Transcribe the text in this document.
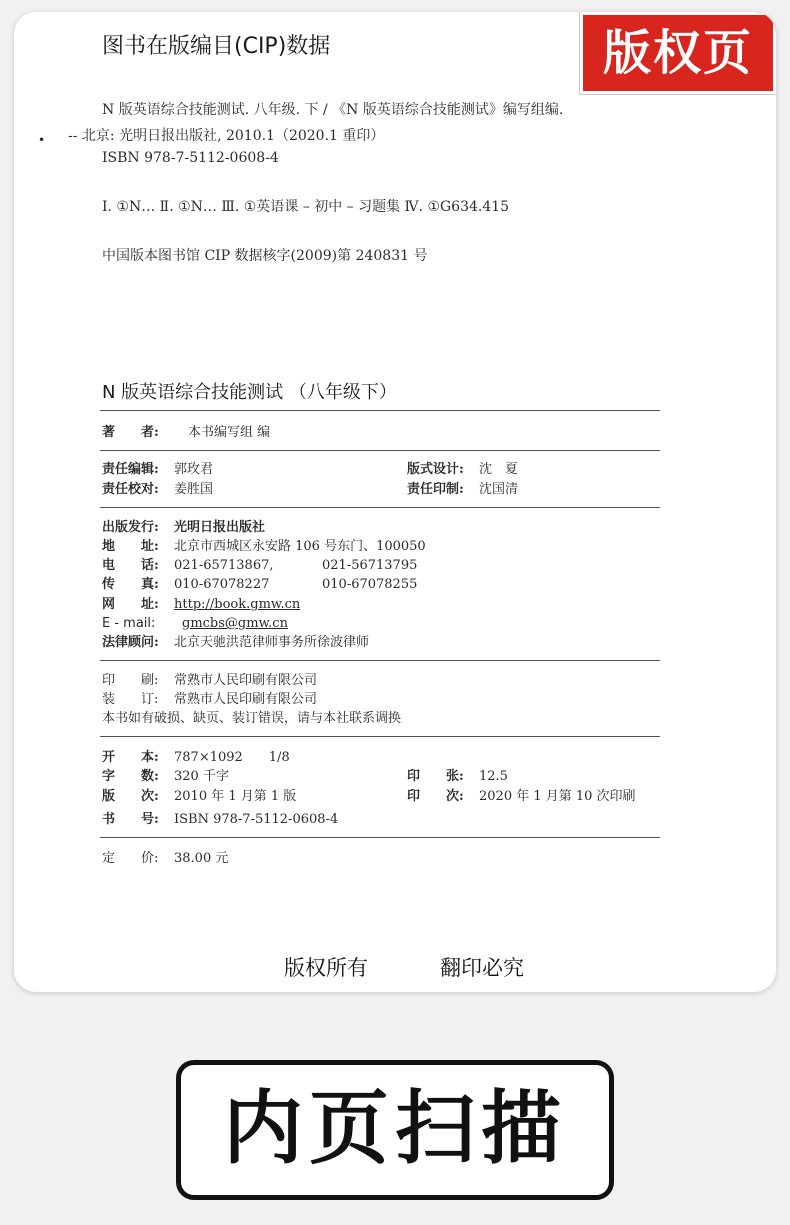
版权页
图书在版编目(CIP)数据
•
N 版英语综合技能测试. 八年级. 下 / 《N 版英语综合技能测试》编写组编.
-- 北京: 光明日报出版社, 2010.1（2020.1 重印）
ISBN 978-7-5112-0608-4
Ⅰ. ①N… Ⅱ. ①N… Ⅲ. ①英语课 – 初中 – 习题集 Ⅳ. ①G634.415
中国版本图书馆 CIP 数据核字(2009)第 240831 号
N 版英语综合技能测试 （八年级下）
著　　者: 本书编写组 编
责任编辑: 郭玫君	版式设计: 沈　夏
责任校对: 姜胜国	责任印制: 沈国清
出版发行: 光明日报出版社
地　　址: 北京市西城区永安路 106 号东门、100050
电　　话: 021-65713867,	021-56713795
传　　真: 010-67078227	010-67078255
网　　址: http://book.gmw.cn
E - mail: gmcbs@gmw.cn
法律顾问: 北京天驰洪范律师事务所徐波律师
印　　刷: 常熟市人民印刷有限公司
装　　订: 常熟市人民印刷有限公司
本书如有破损、缺页、装订错误，请与本社联系调换
开　　本: 787×1092　　1/8
字　　数: 320 千字	印　　张: 12.5
版　　次: 2010 年 1 月第 1 版	印　　次: 2020 年 1 月第 10 次印刷
书　　号: ISBN 978-7-5112-0608-4
定　　价: 38.00 元
版权所有	翻印必究
内页扫描
